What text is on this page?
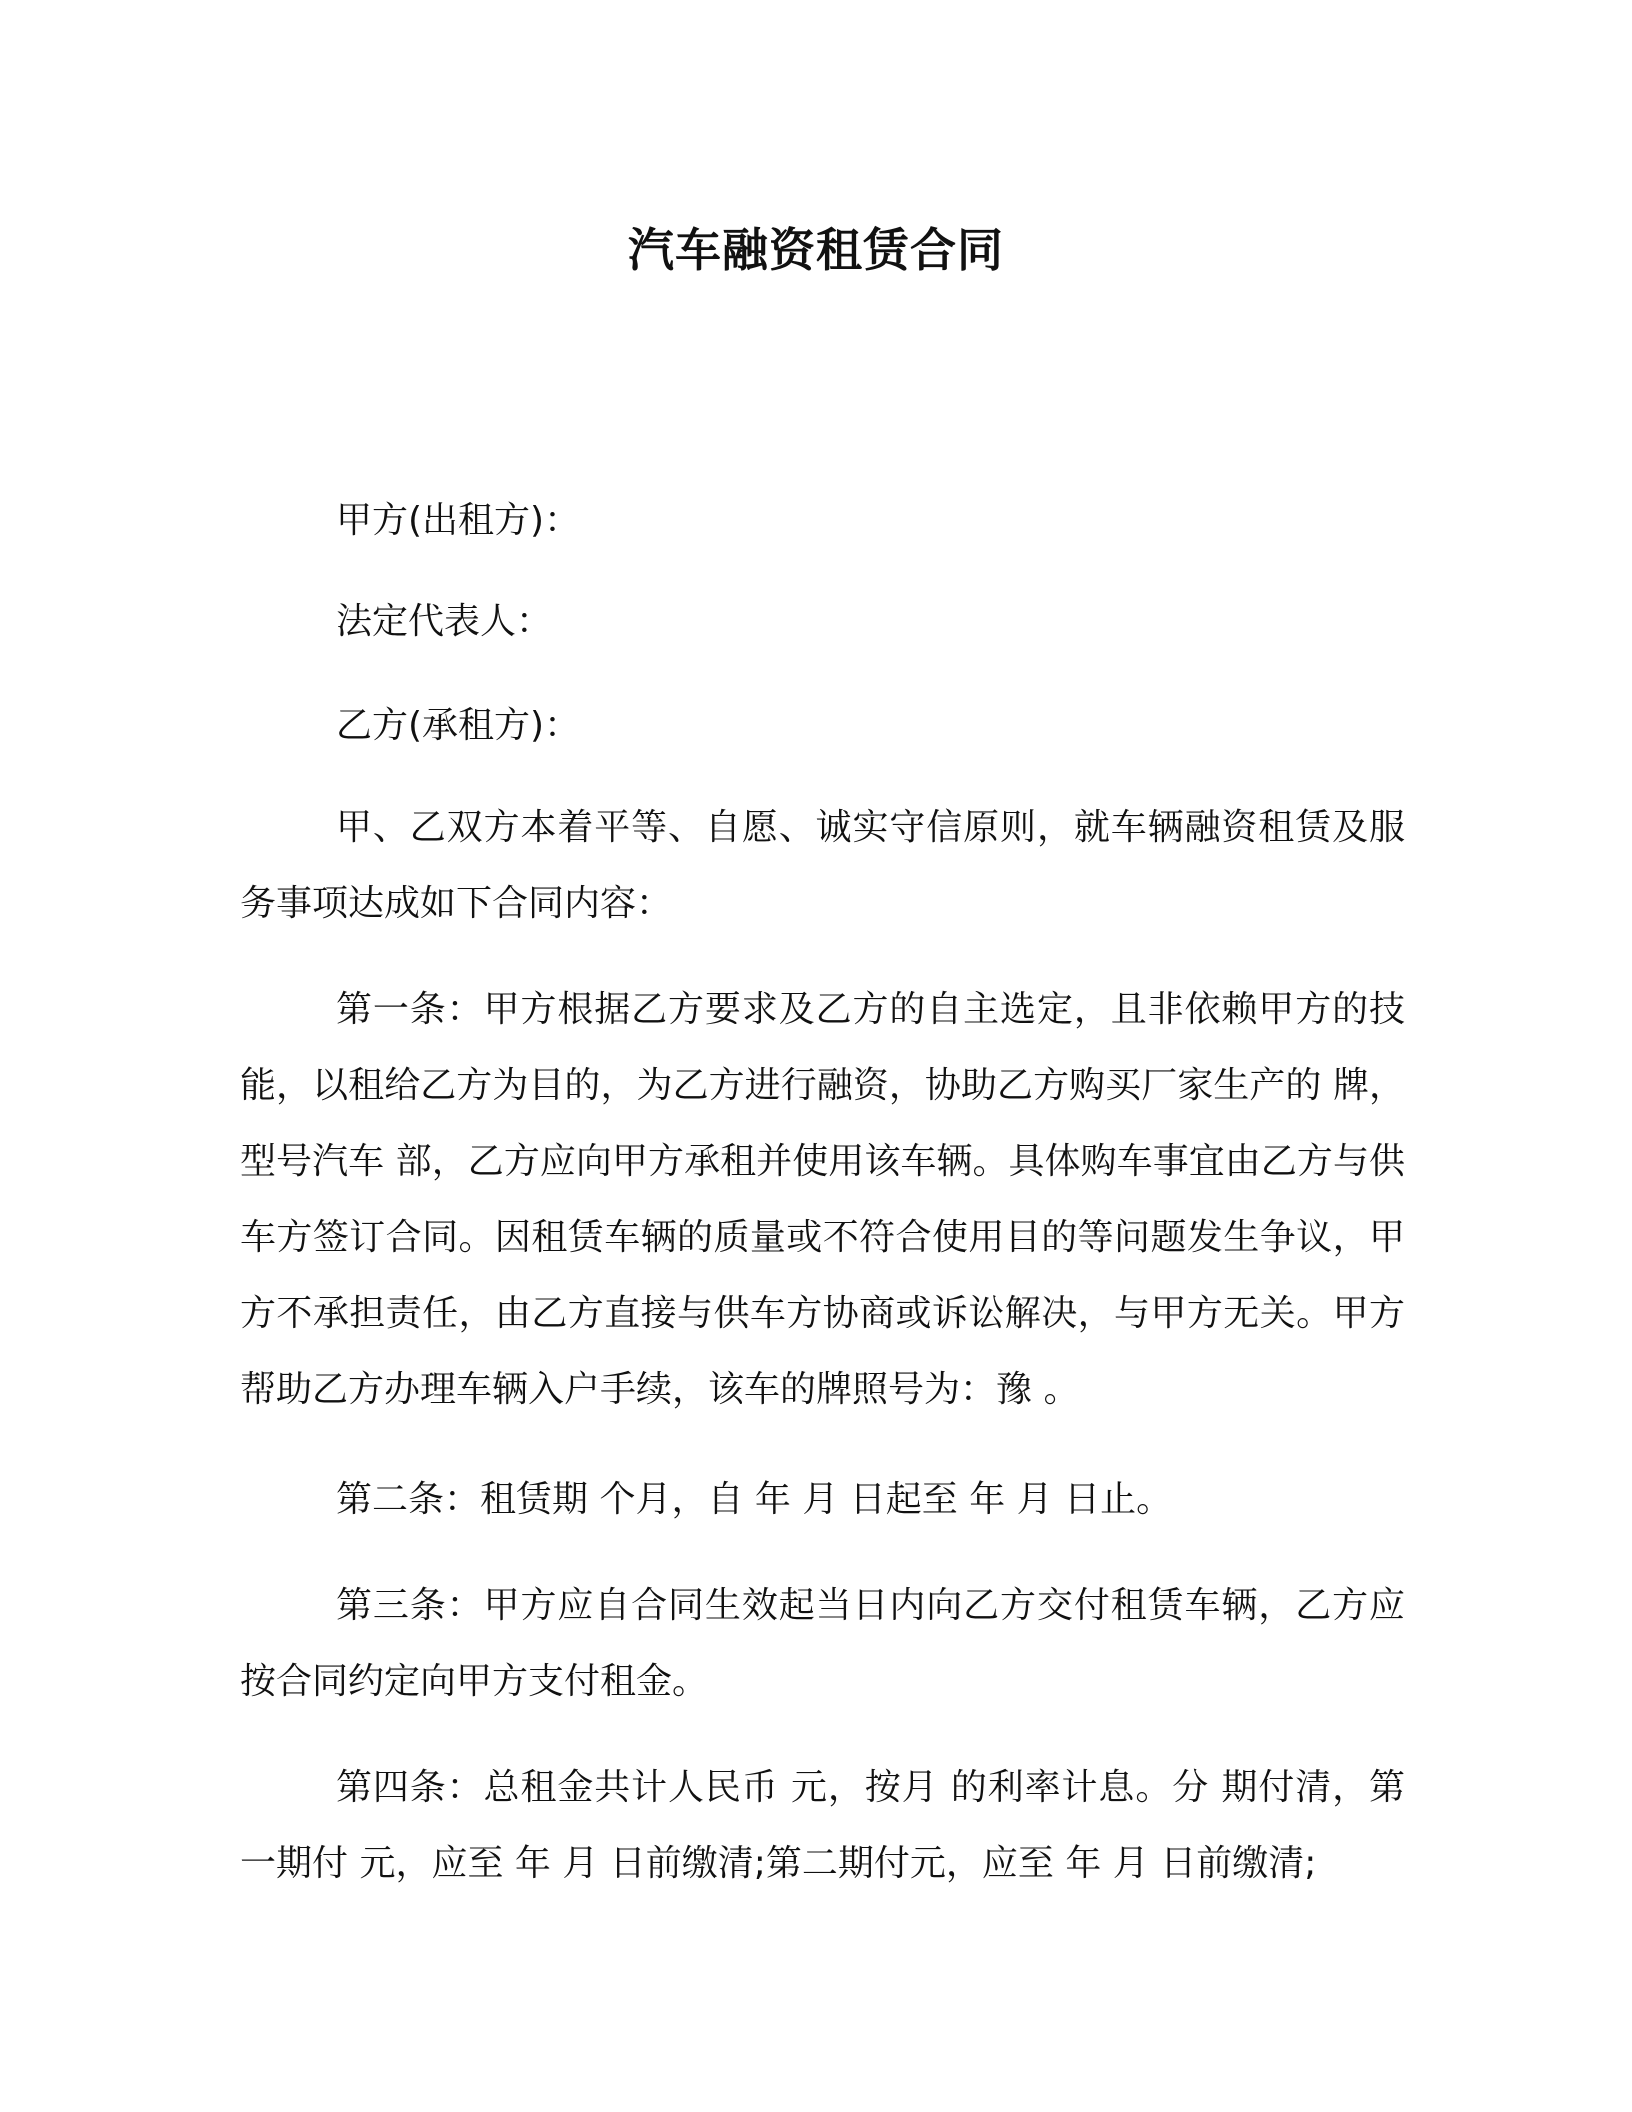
汽车融资租赁合同
甲方(出租方)：
法定代表人：
乙方(承租方)：
甲、乙双方本着平等、自愿、诚实守信原则，就车辆融资租赁及服务事项达成如下合同内容：
第一条：甲方根据乙方要求及乙方的自主选定，且非依赖甲方的技能，以租给乙方为目的，为乙方进行融资，协助乙方购买厂家生产的 牌，型号汽车 部，乙方应向甲方承租并使用该车辆。具体购车事宜由乙方与供车方签订合同。因租赁车辆的质量或不符合使用目的等问题发生争议，甲方不承担责任，由乙方直接与供车方协商或诉讼解决，与甲方无关。甲方帮助乙方办理车辆入户手续，该车的牌照号为：豫 。
第二条：租赁期 个月，自 年 月 日起至 年 月 日止。
第三条：甲方应自合同生效起当日内向乙方交付租赁车辆，乙方应按合同约定向甲方支付租金。
第四条：总租金共计人民币 元，按月 的利率计息。分 期付清，第一期付 元，应至 年 月 日前缴清;第二期付元，应至 年 月 日前缴清;
